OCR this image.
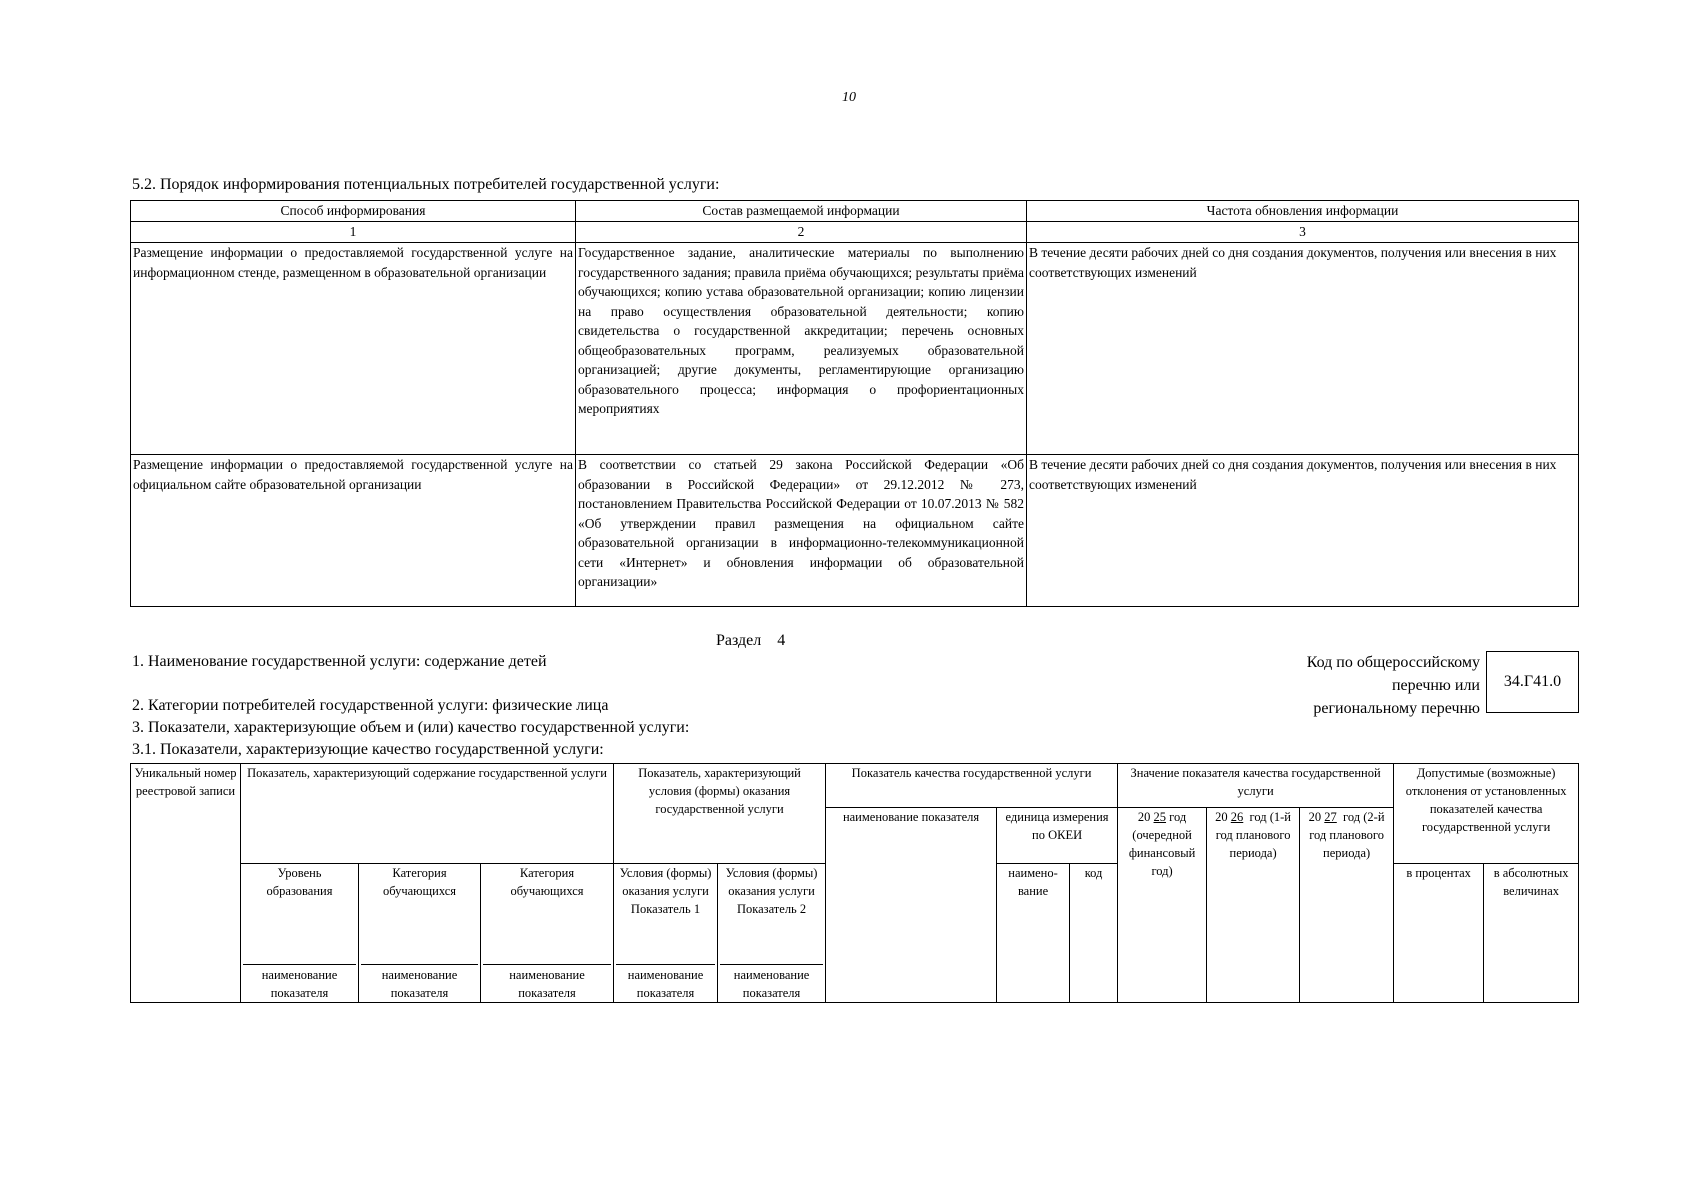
10
5.2. Порядок информирования потенциальных потребителей государственной услуги:
Способ информирования	Состав размещаемой информации	Частота обновления информации
1	2	3
Размещение информации о предоставляемой государственной услуге на информационном стенде, размещенном в образовательной организации	Государственное задание, аналитические материалы по выполнению государственного задания; правила приёма обучающихся; результаты приёма обучающихся; копию устава образовательной организации; копию лицензии на право осуществления образовательной деятельности; копию свидетельства о государственной аккредитации; перечень основных общеобразовательных программ, реализуемых образовательной организацией; другие документы, регламентирующие организацию образовательного процесса; информация о профориентационных мероприятиях	В течение десяти рабочих дней со дня создания документов, получения или внесения в них соответствующих изменений
Размещение информации о предоставляемой государственной услуге на официальном сайте образовательной организации	В соответствии со статьей 29 закона Российской Федерации «Об образовании в Российской Федерации» от 29.12.2012 № 273, постановлением Правительства Российской Федерации от 10.07.2013 № 582 «Об утверждении правил размещения на официальном сайте образовательной организации в информационно-телекоммуникационной сети «Интернет» и обновления информации об образовательной организации»	В течение десяти рабочих дней со дня создания документов, получения или внесения в них соответствующих изменений
Раздел 4
1. Наименование государственной услуги: содержание детей	Код по общероссийскому
перечню или
региональному перечню
34.Г41.0
2. Категории потребителей государственной услуги: физические лица
3. Показатели, характеризующие объем и (или) качество государственной услуги:
3.1. Показатели, характеризующие качество государственной услуги:
Уникальный номер реестровой записи	Показатель, характеризующий содержание государственной услуги			Показатель, характеризующий условия (формы) оказания государственной услуги		Показатель качества государственной услуги			Значение показателя качества государственной услуги			Допустимые (возможные) отклонения от установленных показателей качества государственной услуги	
						наименование показателя	единица измерения по ОКЕИ		20 25 год (очередной финансовый год)	20 26 год (1-й год планового периода)	20 27 год (2-й год планового периода)		
	Уровень образования	Категория обучающихся	Категория обучающихся	Условия (формы) оказания услуги Показатель 1	Условия (формы) оказания услуги Показатель 2		наимено-вание	код				в процентах	в абсолютных величинах
	наименование показателя	наименование показателя	наименование показателя	наименование показателя	наименование показателя								
